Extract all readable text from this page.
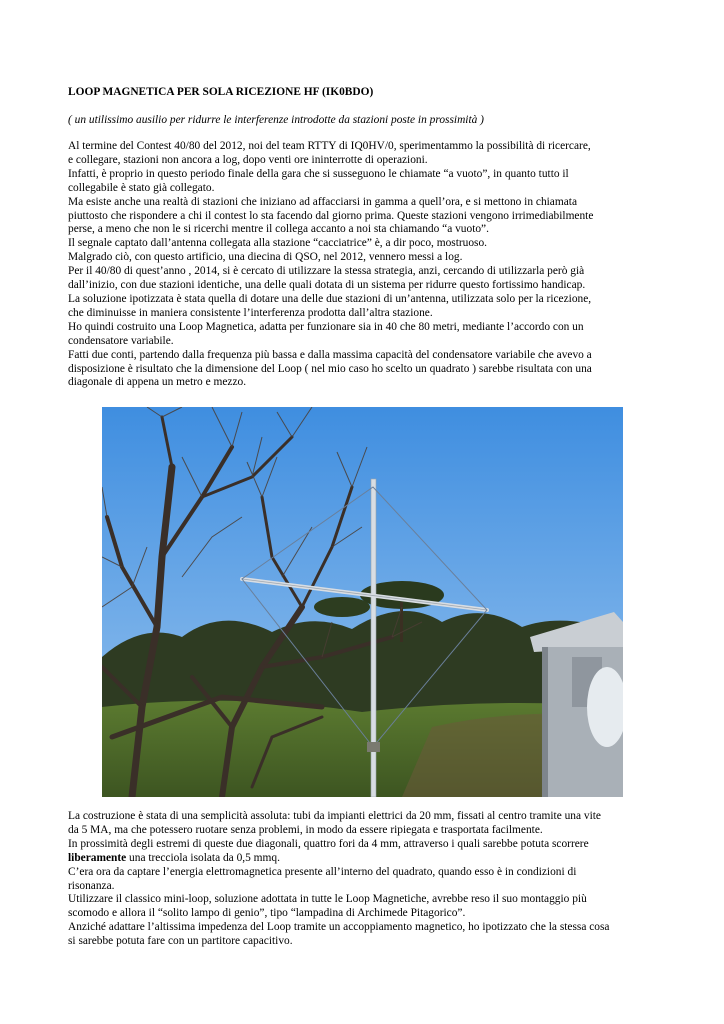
LOOP MAGNETICA PER SOLA RICEZIONE HF (IK0BDO)
( un utilissimo ausilio per ridurre le interferenze introdotte da stazioni poste in prossimità )
Al termine del Contest 40/80 del 2012, noi del team RTTY di IQ0HV/0, sperimentammo la possibilità di ricercare,
e collegare, stazioni non ancora a log, dopo venti ore ininterrotte di operazioni.
Infatti, è proprio in questo periodo finale della gara che si susseguono le chiamate “a vuoto”, in quanto tutto il
collegabile è stato già collegato.
Ma esiste anche una realtà di stazioni che iniziano ad affacciarsi in gamma a quell’ora, e si mettono in chiamata
piuttosto che rispondere a chi il contest lo sta facendo dal giorno prima. Queste stazioni vengono irrimediabilmente
perse, a meno che non le si ricerchi mentre il collega accanto a noi sta chiamando “a vuoto”.
Il segnale captato dall’antenna collegata alla stazione “cacciatrice” è, a dir poco, mostruoso.
Malgrado ciò, con questo artificio, una diecina di QSO, nel 2012, vennero messi a log.
Per il 40/80 di quest’anno , 2014, si è cercato di utilizzare la stessa strategia, anzi, cercando di utilizzarla però già
dall’inizio, con due stazioni identiche, una delle quali dotata di un sistema per ridurre questo fortissimo handicap.
La soluzione ipotizzata è stata quella di dotare una delle due stazioni di un’antenna, utilizzata solo per la ricezione,
che diminuisse in maniera consistente l’interferenza prodotta dall’altra stazione.
Ho quindi costruito una Loop Magnetica, adatta per funzionare sia in 40 che 80 metri, mediante l’accordo con un
condensatore variabile.
Fatti due conti, partendo dalla frequenza più bassa e dalla massima capacità del condensatore variabile che avevo a
disposizione è risultato che la dimensione del Loop ( nel mio caso ho scelto un quadrato ) sarebbe risultata con una
diagonale di appena un metro e mezzo.
La costruzione è stata di una semplicità assoluta: tubi da impianti elettrici da 20 mm, fissati al centro tramite una vite
da 5 MA, ma che potessero ruotare senza problemi, in modo da essere ripiegata e trasportata facilmente.
In prossimità degli estremi di queste due diagonali, quattro fori da 4 mm, attraverso i quali sarebbe potuta scorrere
liberamente una trecciola isolata da 0,5 mmq.
C’era ora da captare l’energia elettromagnetica presente all’interno del quadrato, quando esso è in condizioni di
risonanza.
Utilizzare il classico mini-loop, soluzione adottata in tutte le Loop Magnetiche, avrebbe reso il suo montaggio più
scomodo e allora il “solito lampo di genio”, tipo “lampadina di Archimede Pitagorico”.
Anziché adattare l’altissima impedenza del Loop tramite un accoppiamento magnetico, ho ipotizzato che la stessa cosa
si sarebbe potuta fare con un partitore capacitivo.
